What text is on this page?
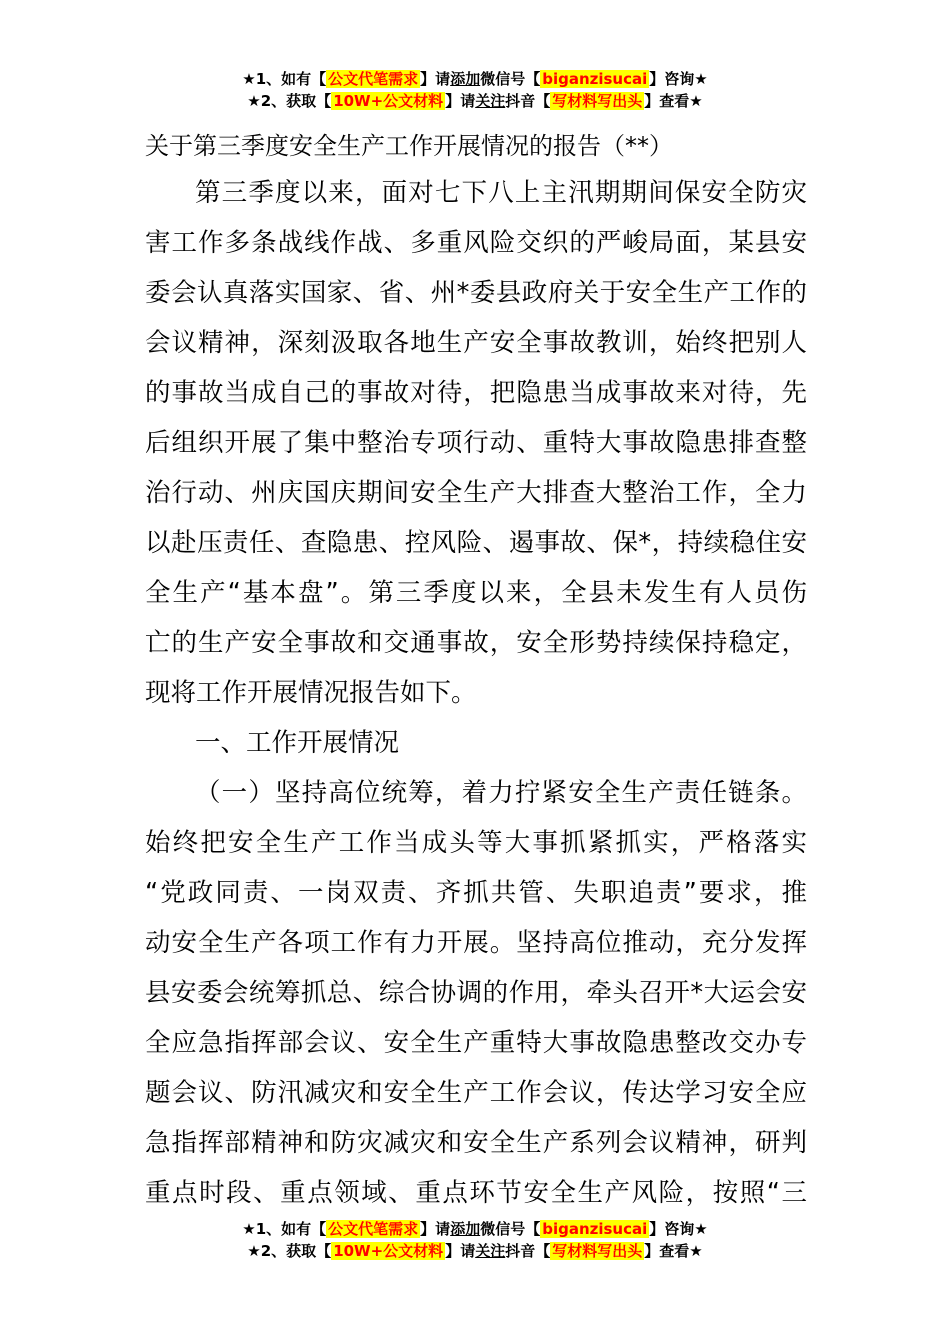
★1、如有【 公文代笔需求 】请添加微信号【 biganzisucai 】咨询★
★2、获取【 10W+公文材料 】请关注抖音【 写材料写出头 】查看★
关于第三季度安全生产工作开展情况的报告（**）
第三季度以来，面对七下八上主汛期期间保安全防灾
害工作多条战线作战、多重风险交织的严峻局面，某县安
委会认真落实国家、省、州*委县政府关于安全生产工作的
会议精神，深刻汲取各地生产安全事故教训，始终把别人
的事故当成自己的事故对待，把隐患当成事故来对待，先
后组织开展了集中整治专项行动、重特大事故隐患排查整
治行动、州庆国庆期间安全生产大排查大整治工作，全力
以赴压责任、查隐患、控风险、遏事故、保*，持续稳住安
全生产“基本盘”。第三季度以来，全县未发生有人员伤
亡的生产安全事故和交通事故，安全形势持续保持稳定，
现将工作开展情况报告如下。
一、工作开展情况
（一）坚持高位统筹，着力拧紧安全生产责任链条。
始终把安全生产工作当成头等大事抓紧抓实，严格落实
“党政同责、一岗双责、齐抓共管、失职追责”要求，推
动安全生产各项工作有力开展。坚持高位推动，充分发挥
县安委会统筹抓总、综合协调的作用，牵头召开*大运会安
全应急指挥部会议、安全生产重特大事故隐患整改交办专
题会议、防汛减灾和安全生产工作会议，传达学习安全应
急指挥部精神和防灾减灾和安全生产系列会议精神，研判
重点时段、重点领域、重点环节安全生产风险，按照“三
★1、如有【 公文代笔需求 】请添加微信号【 biganzisucai 】咨询★
★2、获取【 10W+公文材料 】请关注抖音【 写材料写出头 】查看★
